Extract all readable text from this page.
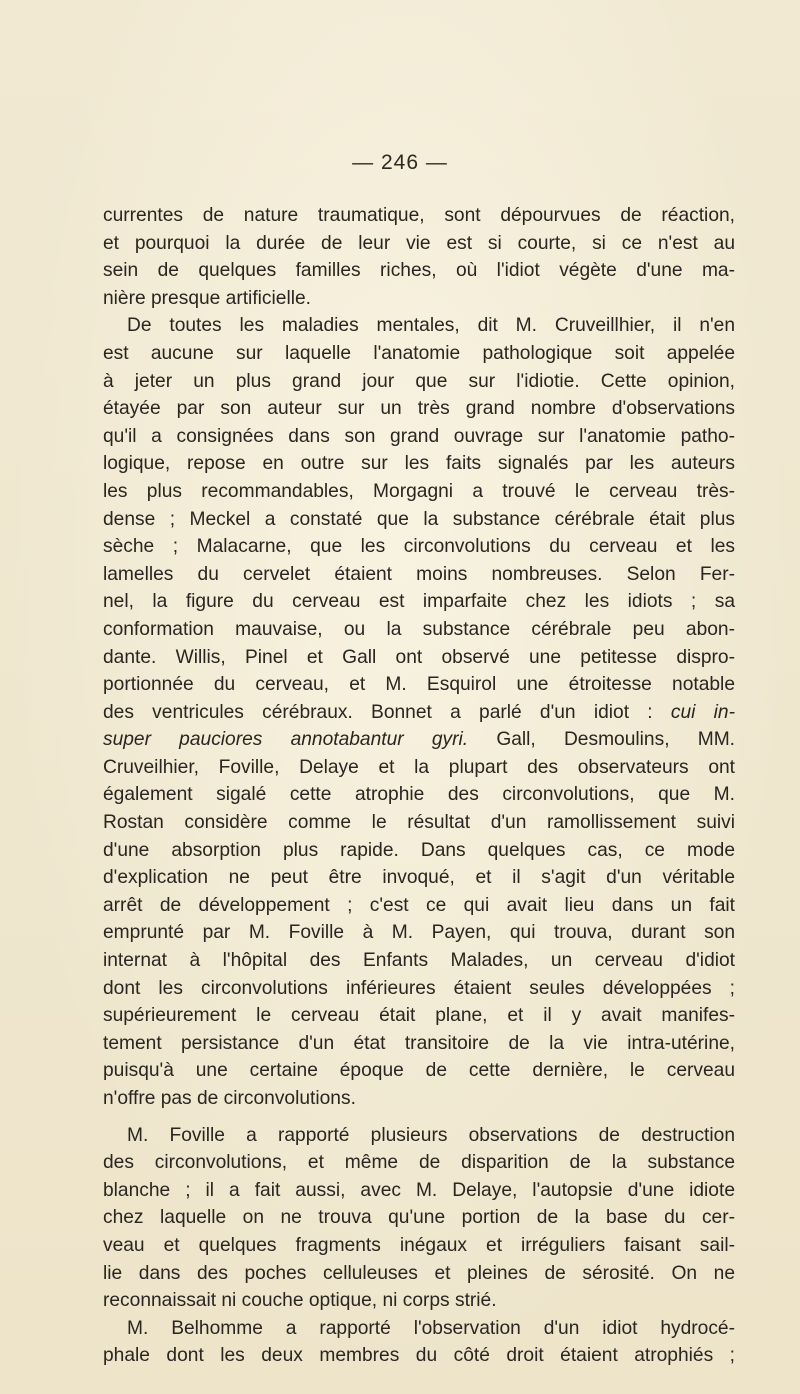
— 246 —
currentes de nature traumatique, sont dépourvues de réaction,
et pourquoi la durée de leur vie est si courte, si ce n'est au
sein de quelques familles riches, où l'idiot végète d'une ma-
nière presque artificielle.
De toutes les maladies mentales, dit M. Cruveillhier, il n'en
est aucune sur laquelle l'anatomie pathologique soit appelée
à jeter un plus grand jour que sur l'idiotie. Cette opinion,
étayée par son auteur sur un très grand nombre d'observations
qu'il a consignées dans son grand ouvrage sur l'anatomie patho-
logique, repose en outre sur les faits signalés par les auteurs
les plus recommandables, Morgagni a trouvé le cerveau très-
dense ; Meckel a constaté que la substance cérébrale était plus
sèche ; Malacarne, que les circonvolutions du cerveau et les
lamelles du cervelet étaient moins nombreuses. Selon Fer-
nel, la figure du cerveau est imparfaite chez les idiots ; sa
conformation mauvaise, ou la substance cérébrale peu abon-
dante. Willis, Pinel et Gall ont observé une petitesse dispro-
portionnée du cerveau, et M. Esquirol une étroitesse notable
des ventricules cérébraux. Bonnet a parlé d'un idiot : cui in-
super pauciores annotabantur gyri. Gall, Desmoulins, MM.
Cruveilhier, Foville, Delaye et la plupart des observateurs ont
également sigalé cette atrophie des circonvolutions, que M.
Rostan considère comme le résultat d'un ramollissement suivi
d'une absorption plus rapide. Dans quelques cas, ce mode
d'explication ne peut être invoqué, et il s'agit d'un véritable
arrêt de développement ; c'est ce qui avait lieu dans un fait
emprunté par M. Foville à M. Payen, qui trouva, durant son
internat à l'hôpital des Enfants Malades, un cerveau d'idiot
dont les circonvolutions inférieures étaient seules développées ;
supérieurement le cerveau était plane, et il y avait manifes-
tement persistance d'un état transitoire de la vie intra-utérine,
puisqu'à une certaine époque de cette dernière, le cerveau
n'offre pas de circonvolutions.
M. Foville a rapporté plusieurs observations de destruction
des circonvolutions, et même de disparition de la substance
blanche ; il a fait aussi, avec M. Delaye, l'autopsie d'une idiote
chez laquelle on ne trouva qu'une portion de la base du cer-
veau et quelques fragments inégaux et irréguliers faisant sail-
lie dans des poches celluleuses et pleines de sérosité. On ne
reconnaissait ni couche optique, ni corps strié.
M. Belhomme a rapporté l'observation d'un idiot hydrocé-
phale dont les deux membres du côté droit étaient atrophiés ;
